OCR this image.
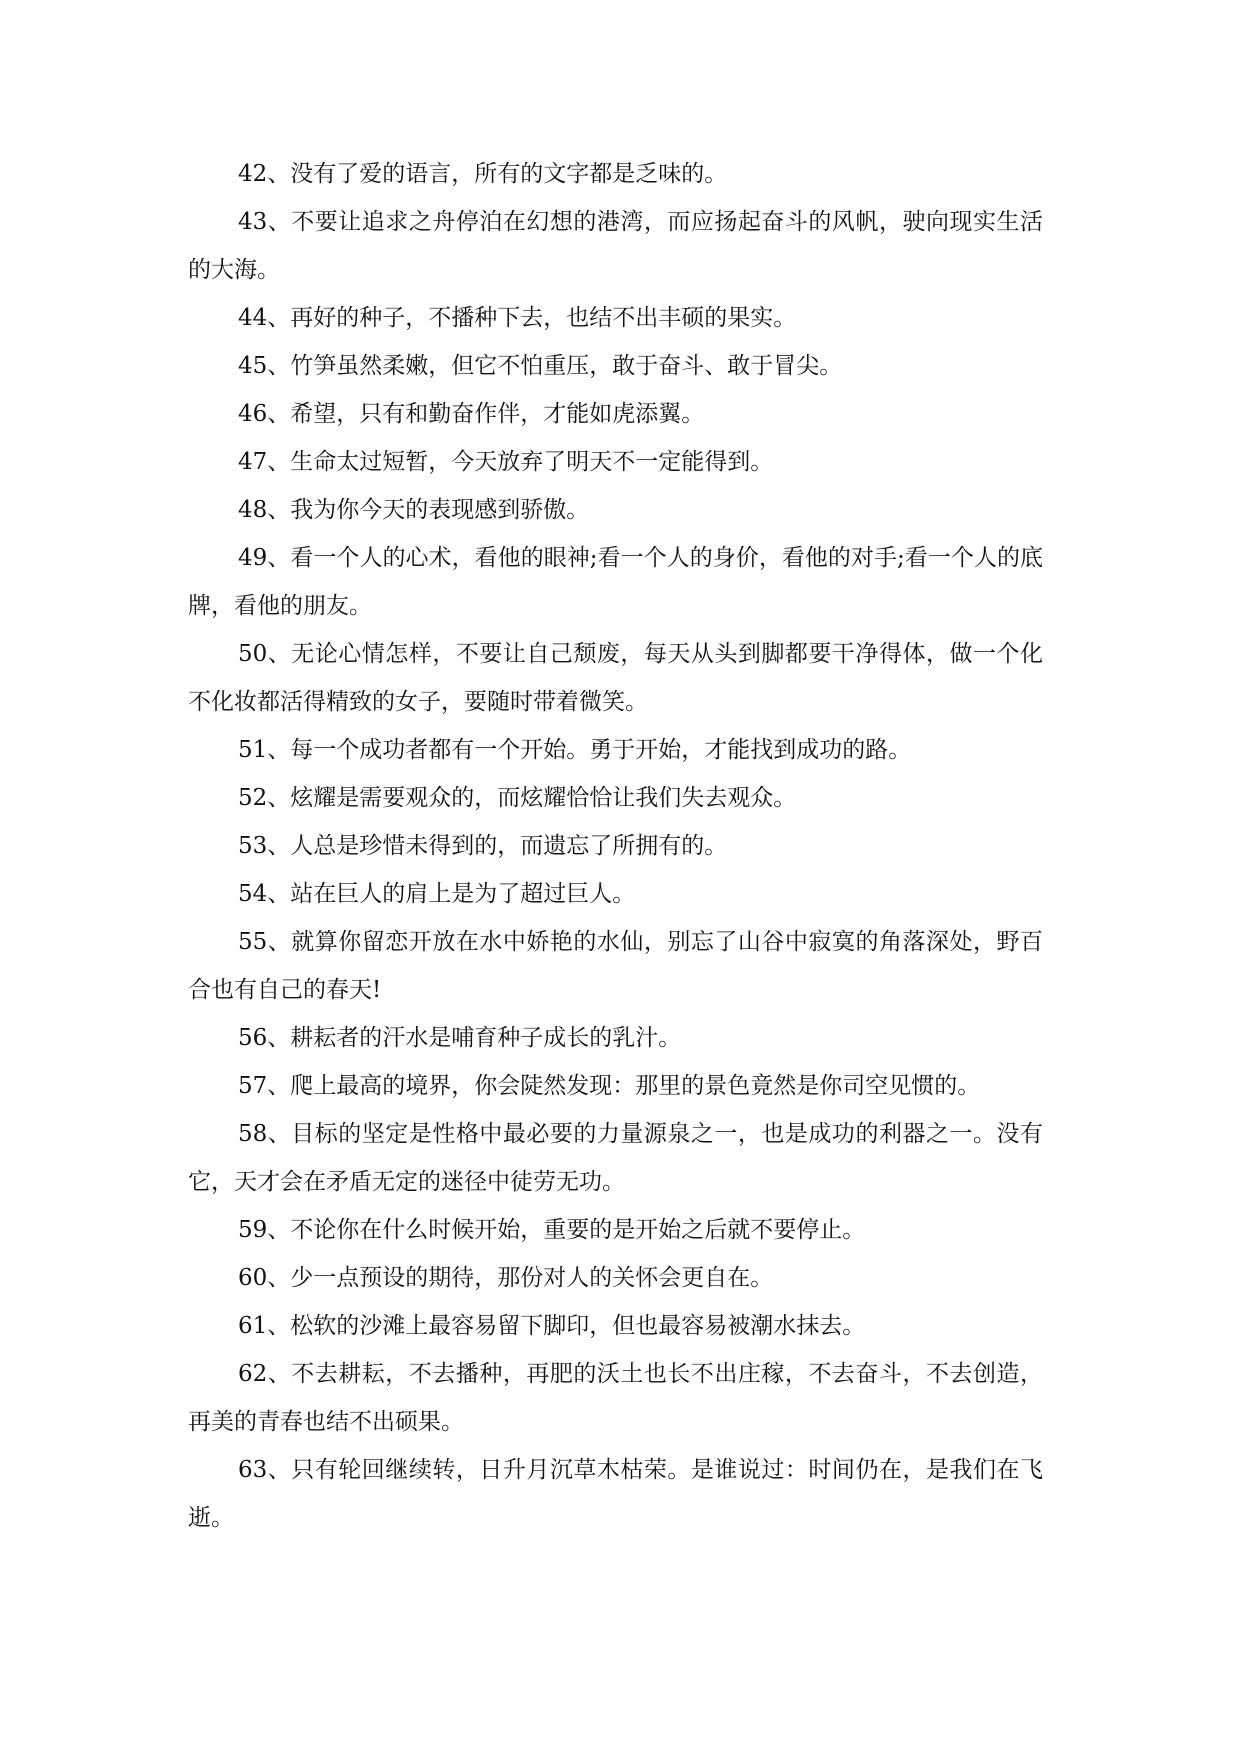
42、没有了爱的语言，所有的文字都是乏味的。

43、不要让追求之舟停泊在幻想的港湾，而应扬起奋斗的风帆，驶向现实生活的大海。

44、再好的种子，不播种下去，也结不出丰硕的果实。

45、竹笋虽然柔嫩，但它不怕重压，敢于奋斗、敢于冒尖。

46、希望，只有和勤奋作伴，才能如虎添翼。

47、生命太过短暂，今天放弃了明天不一定能得到。

48、我为你今天的表现感到骄傲。

49、看一个人的心术，看他的眼神;看一个人的身价，看他的对手;看一个人的底牌，看他的朋友。

50、无论心情怎样，不要让自己颓废，每天从头到脚都要干净得体，做一个化不化妆都活得精致的女子，要随时带着微笑。

51、每一个成功者都有一个开始。勇于开始，才能找到成功的路。

52、炫耀是需要观众的，而炫耀恰恰让我们失去观众。

53、人总是珍惜未得到的，而遗忘了所拥有的。

54、站在巨人的肩上是为了超过巨人。

55、就算你留恋开放在水中娇艳的水仙，别忘了山谷中寂寞的角落深处，野百合也有自己的春天!

56、耕耘者的汗水是哺育种子成长的乳汁。

57、爬上最高的境界，你会陡然发现：那里的景色竟然是你司空见惯的。

58、目标的坚定是性格中最必要的力量源泉之一，也是成功的利器之一。没有它，天才会在矛盾无定的迷径中徒劳无功。

59、不论你在什么时候开始，重要的是开始之后就不要停止。

60、少一点预设的期待，那份对人的关怀会更自在。

61、松软的沙滩上最容易留下脚印，但也最容易被潮水抹去。

62、不去耕耘，不去播种，再肥的沃土也长不出庄稼，不去奋斗，不去创造，再美的青春也结不出硕果。

63、只有轮回继续转，日升月沉草木枯荣。是谁说过：时间仍在，是我们在飞逝。
